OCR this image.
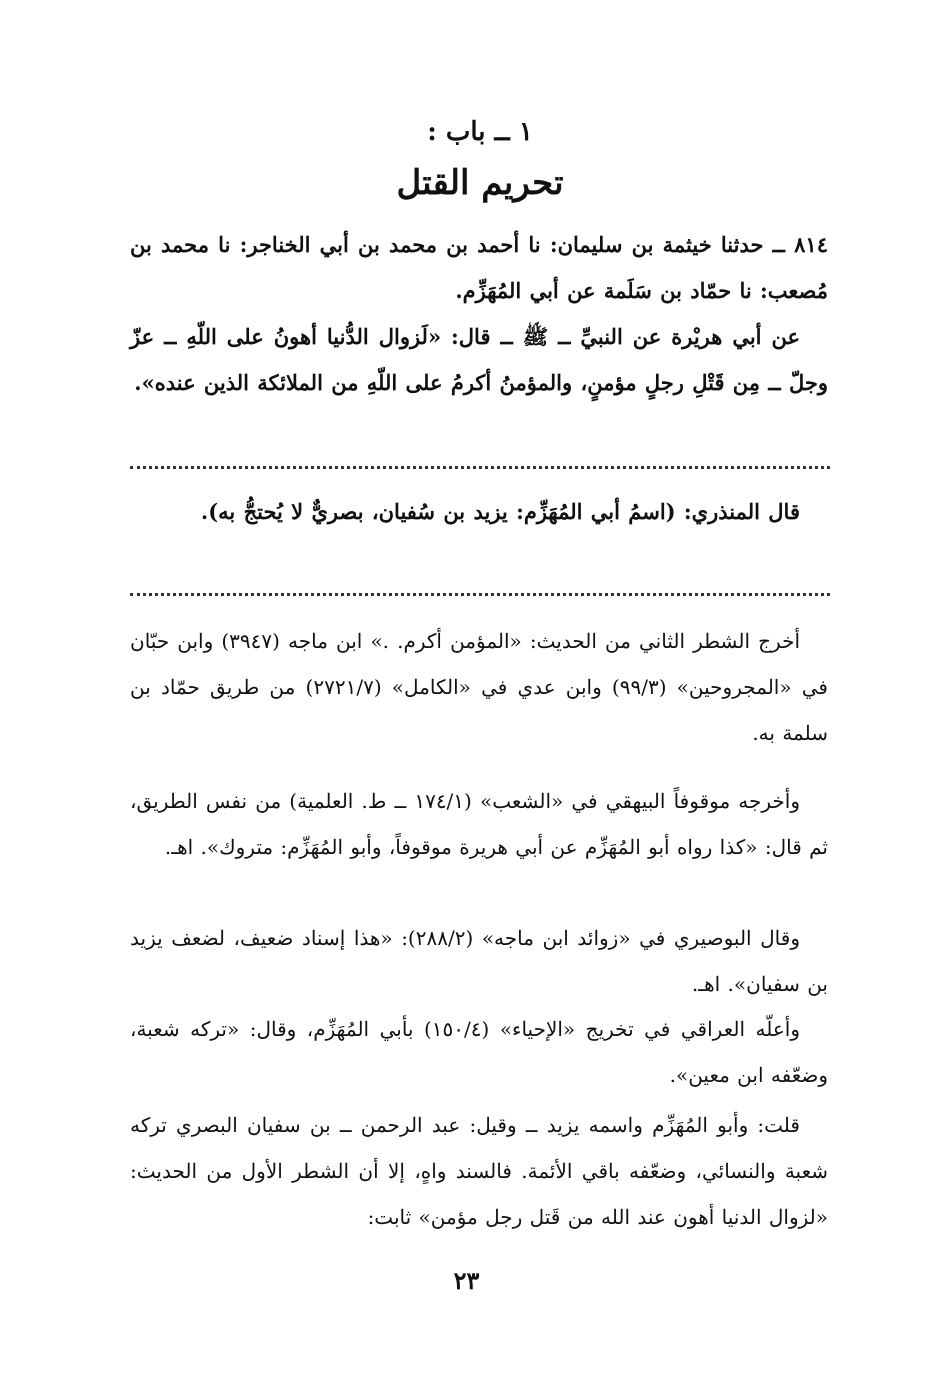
١ ــ باب :
تحريم القتل

٨١٤ ــ حدثنا خيثمة بن سليمان: نا أحمد بن محمد بن أبي الخناجر: نا محمد بن مُصعب: نا حمّاد بن سَلَمة عن أبي المُهَزِّم.

عن أبي هريْرة عن النبيِّ ــ ﷺ ــ قال: «لَزوال الدُّنيا أهونُ على اللّهِ ــ عزّ وجلّ ــ مِن قَتْلِ رجلٍ مؤمنٍ، والمؤمنُ أكرمُ على اللّهِ من الملائكة الذين عنده».

قال المنذري: (اسمُ أبي المُهَزِّم: يزيد بن سُفيان، بصريٌّ لا يُحتجُّ به).

أخرج الشطر الثاني من الحديث: «المؤمن أكرم. .» ابن ماجه (٣٩٤٧) وابن حبّان في «المجروحين» (٩٩/٣) وابن عدي في «الكامل» (٢٧٢١/٧) من طريق حمّاد بن سلمة به.

وأخرجه موقوفاً البيهقي في «الشعب» (١٧٤/١ ــ ط. العلمية) من نفس الطريق، ثم قال: «كذا رواه أبو المُهَزِّم عن أبي هريرة موقوفاً، وأبو المُهَزِّم: متروك». اهـ.

وقال البوصيري في «زوائد ابن ماجه» (٢٨٨/٢): «هذا إسناد ضعيف، لضعف يزيد بن سفيان». اهـ.

وأعلّه العراقي في تخريج «الإحياء» (١٥٠/٤) بأبي المُهَزِّم، وقال: «تركه شعبة، وضعّفه ابن معين».

قلت: وأبو المُهَزِّم واسمه يزيد ــ وقيل: عبد الرحمن ــ بن سفيان البصري تركه شعبة والنسائي، وضعّفه باقي الأئمة. فالسند واهٍ، إلا أن الشطر الأول من الحديث: «لزوال الدنيا أهون عند الله من قَتل رجل مؤمن» ثابت:

٢٣
